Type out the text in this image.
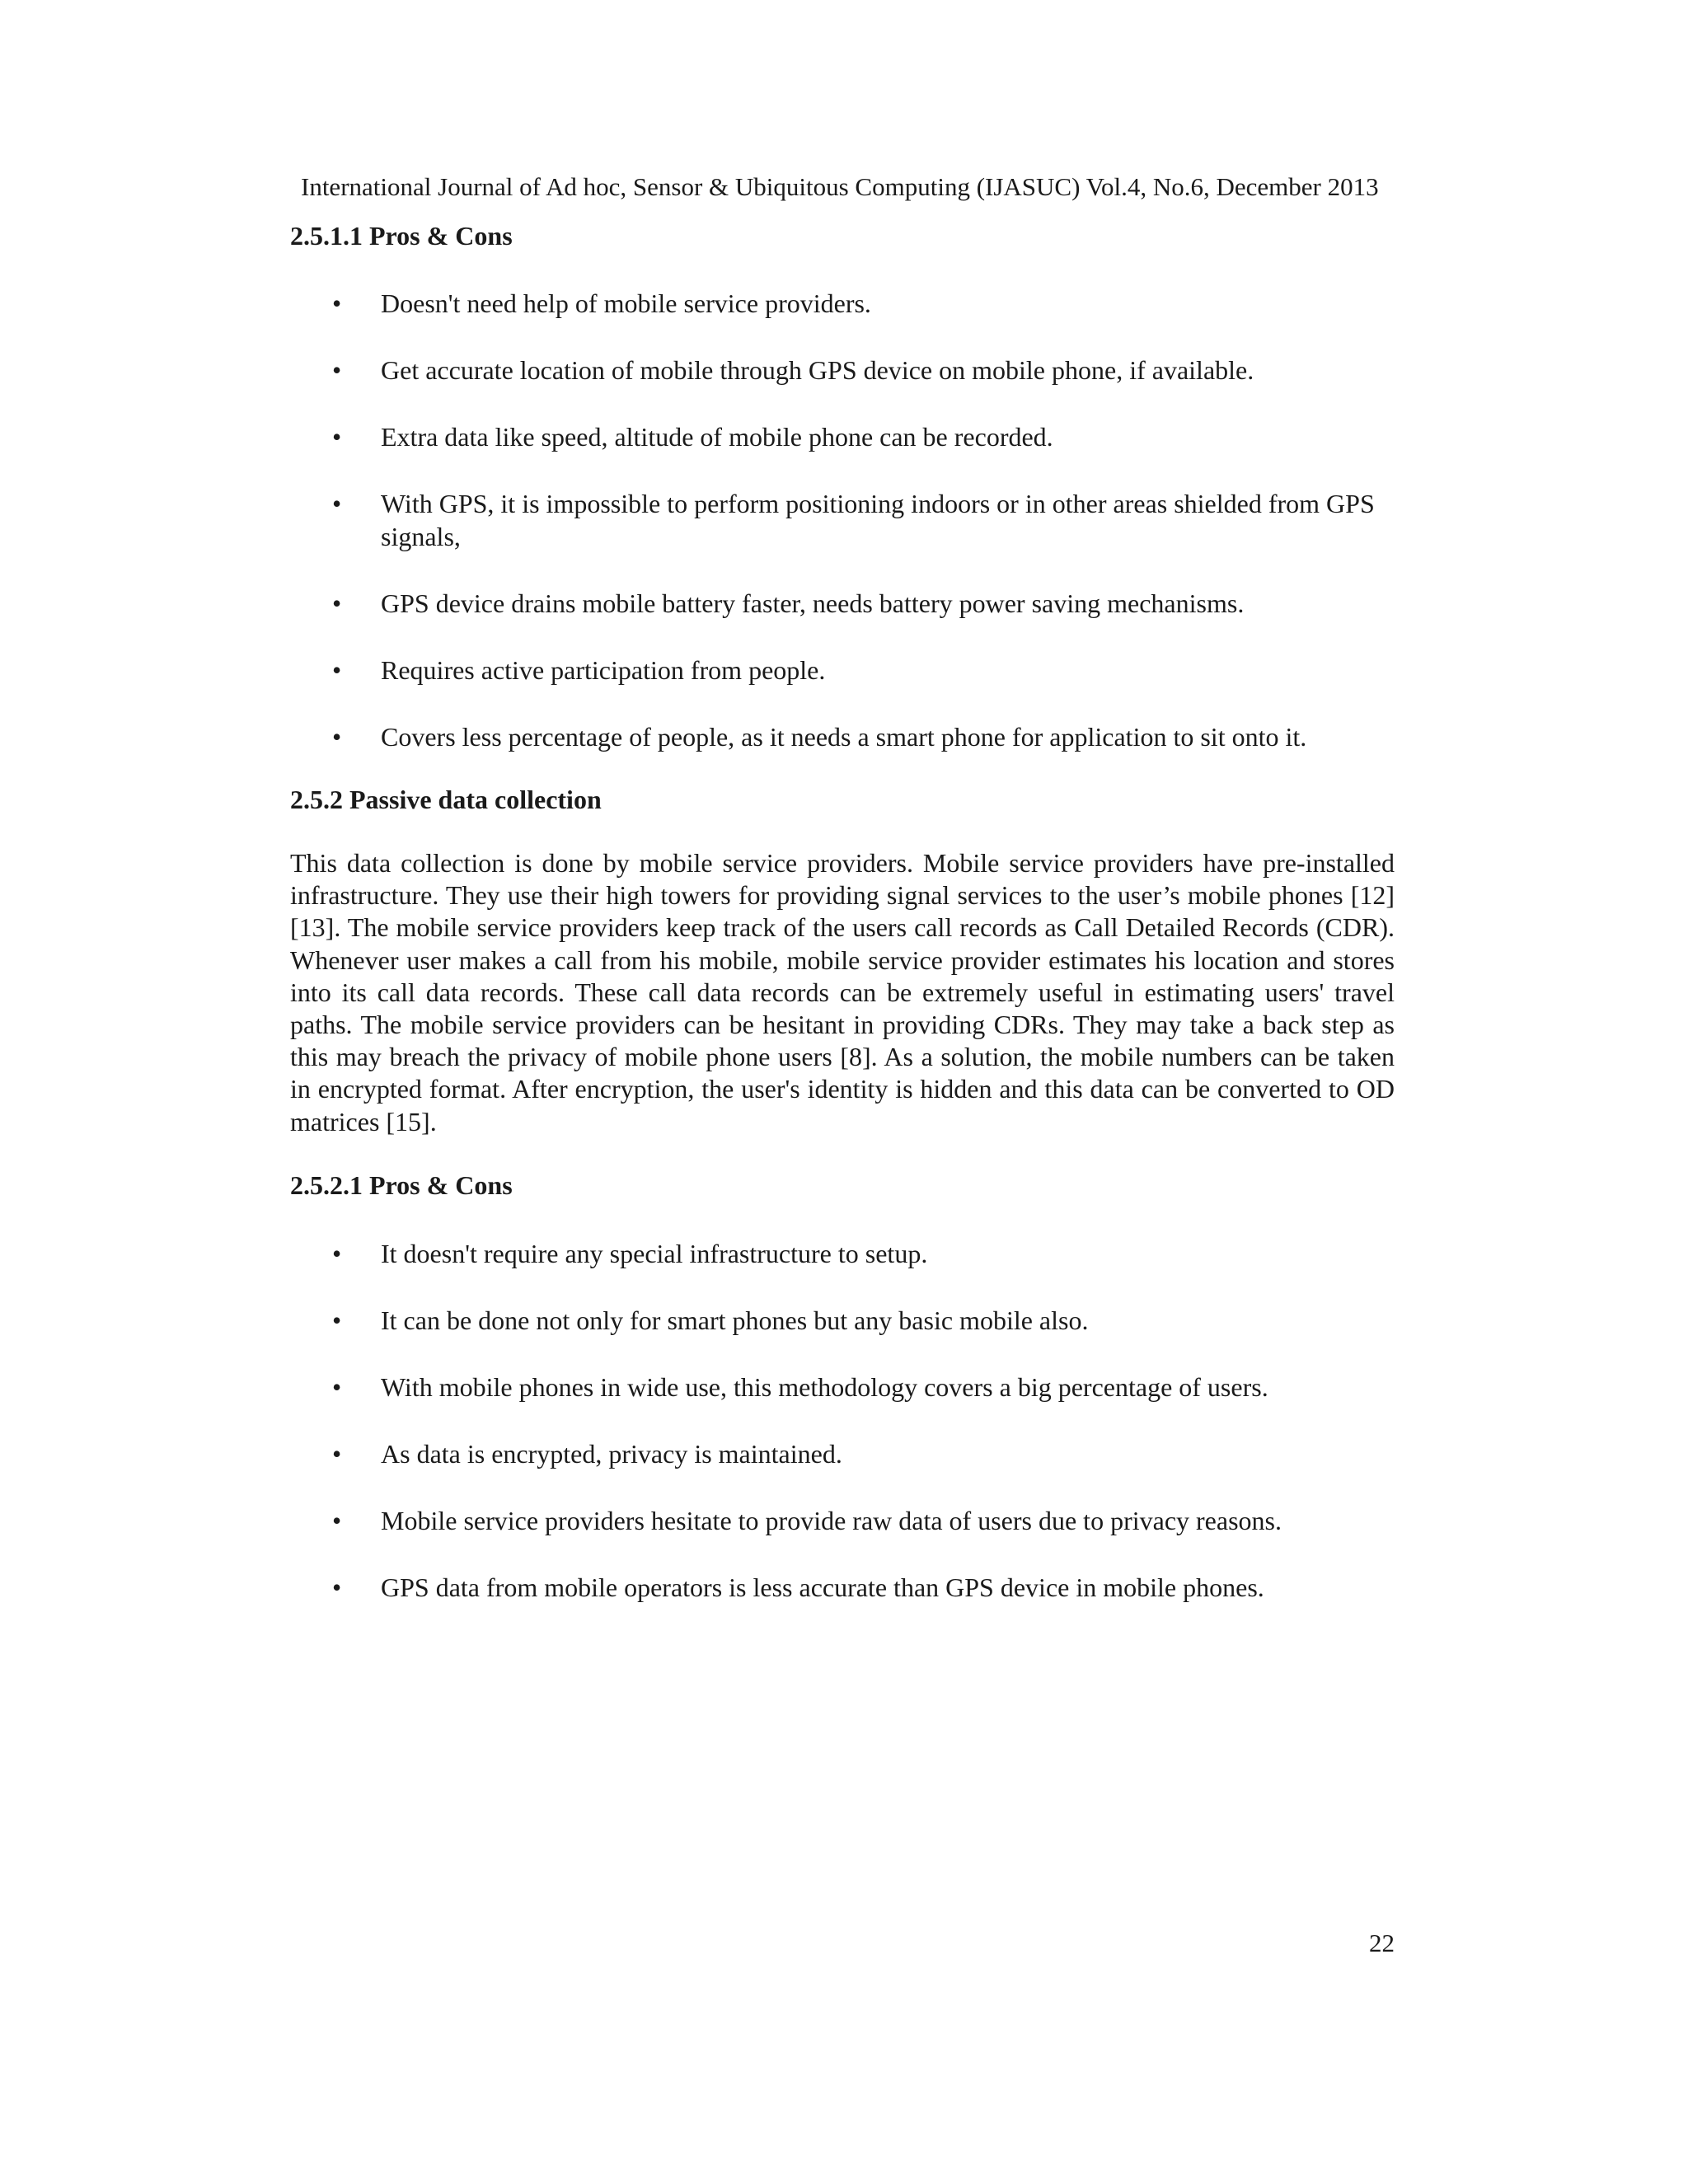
International Journal of Ad hoc, Sensor & Ubiquitous Computing (IJASUC) Vol.4, No.6, December 2013
2.5.1.1 Pros & Cons
• Doesn't need help of mobile service providers.
• Get accurate location of mobile through GPS device on mobile phone, if available.
• Extra data like speed, altitude of mobile phone can be recorded.
• With GPS, it is impossible to perform positioning indoors or in other areas shielded from GPS signals,
• GPS device drains mobile battery faster, needs battery power saving mechanisms.
• Requires active participation from people.
• Covers less percentage of people, as it needs a smart phone for application to sit onto it.
2.5.2 Passive data collection

This data collection is done by mobile service providers. Mobile service providers have pre-installed infrastructure. They use their high towers for providing signal services to the user’s mobile phones [12][13]. The mobile service providers keep track of the users call records as Call Detailed Records (CDR). Whenever user makes a call from his mobile, mobile service provider estimates his location and stores into its call data records. These call data records can be extremely useful in estimating users' travel paths. The mobile service providers can be hesitant in providing CDRs. They may take a back step as this may breach the privacy of mobile phone users [8]. As a solution, the mobile numbers can be taken in encrypted format. After encryption, the user's identity is hidden and this data can be converted to OD matrices [15].

2.5.2.1 Pros & Cons
• It doesn't require any special infrastructure to setup.
• It can be done not only for smart phones but any basic mobile also.
• With mobile phones in wide use, this methodology covers a big percentage of users.
• As data is encrypted, privacy is maintained.
• Mobile service providers hesitate to provide raw data of users due to privacy reasons.
• GPS data from mobile operators is less accurate than GPS device in mobile phones.
22
